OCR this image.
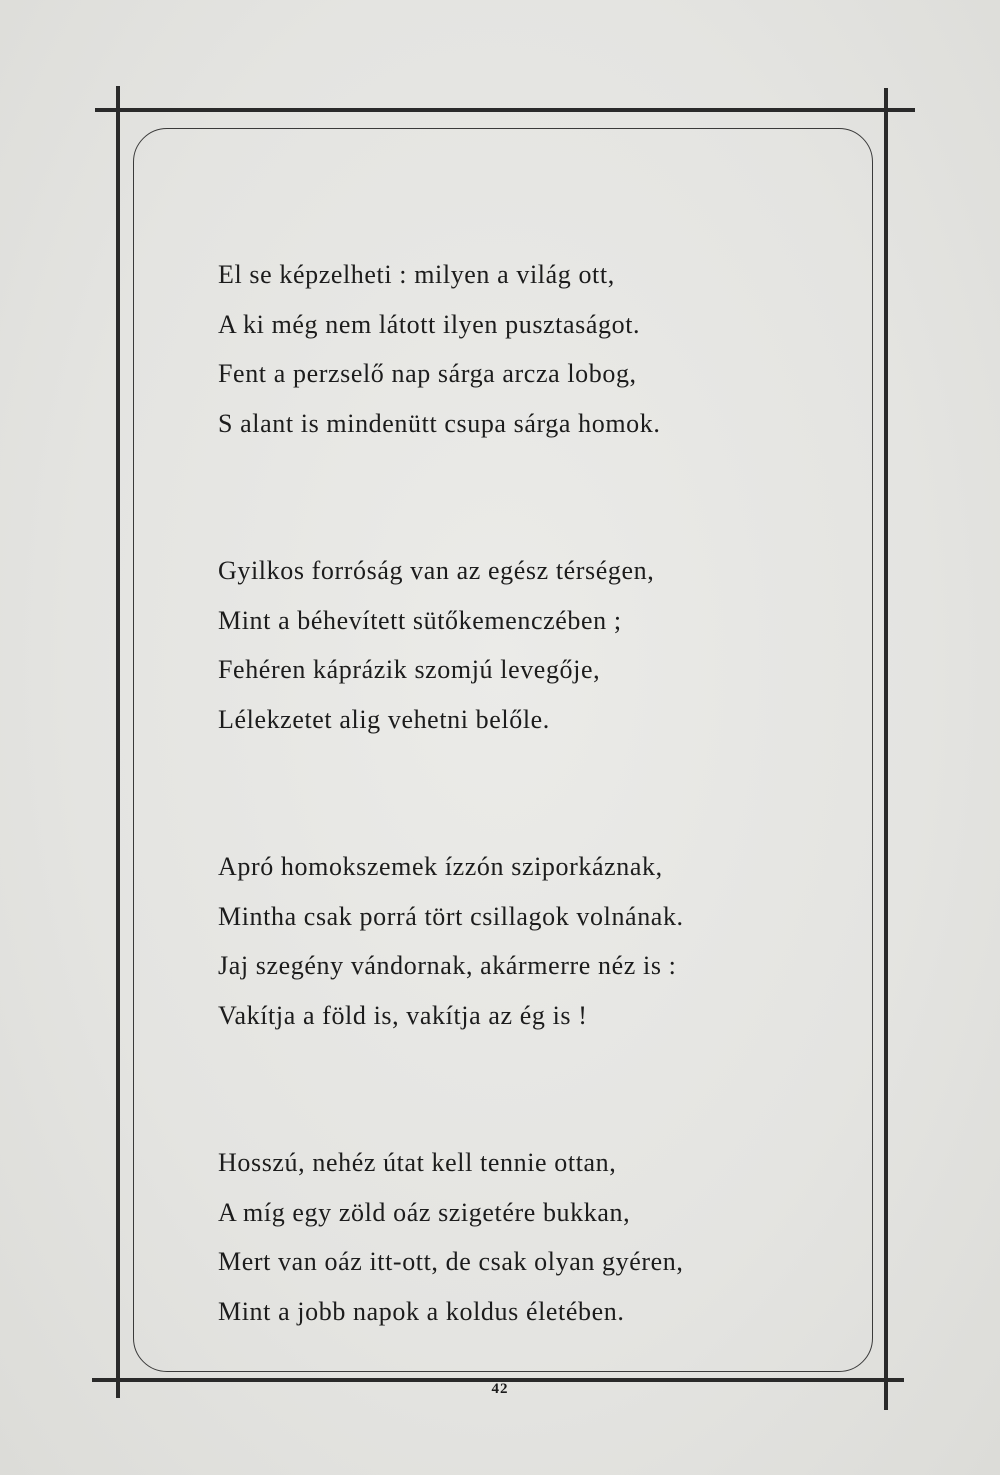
El se képzelheti : milyen a világ ott,
A ki még nem látott ilyen pusztaságot.
Fent a perzselő nap sárga arcza lobog,
S alant is mindenütt csupa sárga homok.
Gyilkos forróság van az egész térségen,
Mint a béhevített sütőkemenczében ;
Fehéren káprázik szomjú levegője,
Lélekzetet alig vehetni belőle.
Apró homokszemek ízzón sziporkáznak,
Mintha csak porrá tört csillagok volnának.
Jaj szegény vándornak, akármerre néz is :
Vakítja a föld is, vakítja az ég is !
Hosszú, nehéz útat kell tennie ottan,
A míg egy zöld oáz szigetére bukkan,
Mert van oáz itt-ott, de csak olyan gyéren,
Mint a jobb napok a koldus életében.
42
